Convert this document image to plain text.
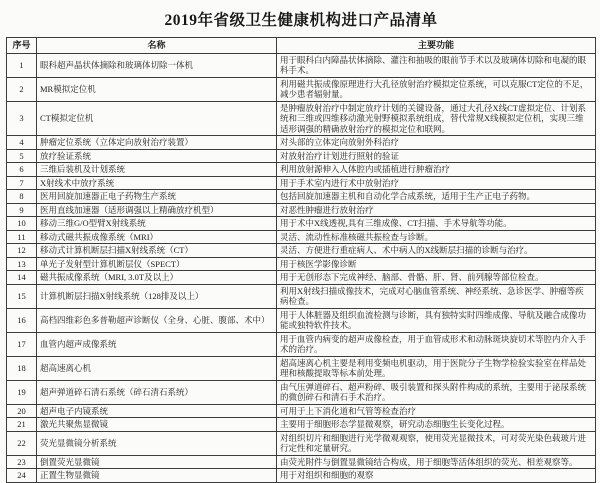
2019年省级卫生健康机构进口产品清单
序号	名称	主要功能
1	眼科超声晶状体摘除和玻璃体切除一体机	用于眼科白内障晶状体摘除、灌注和抽吸的眼前节手术以及玻璃体切除和电凝的眼科手术。
2	MR模拟定位机	利用磁共振成像原理进行大孔径放射治疗模拟定位系统，可以克服CT定位的不足，减少患者辐射量。
3	CT模拟定位机	是肿瘤放射治疗中制定放疗计划的关键设备，通过大孔径X线CT虚拟定位、计划系统和三维或四维移动激光射野模拟系统组成，替代常规X线模拟定位机，实现三维适形调强的精确放射治疗的模拟定位和联网。
4	肿瘤定位系统（立体定向放射治疗装置）	对头部的立体定向放射外科治疗
5	放疗验证系统	对放射治疗计划进行照射的验证
6	三维后装机及计划系统	利用放射源伸入人体腔内或插植进行肿瘤治疗
7	X射线术中放疗系统	用于手术室内进行术中放射治疗
8	医用回旋加速器正电子药物生产系统	包括回旋加速器主机和自动化学合成系统，适用于生产正电子药物。
9	医用直线加速器（适形调强以上精确放疗机型）	对恶性肿瘤进行放射治疗
10	移动三维G/O型臂X射线系统	用于术中X线透视,具有三维成像、CT扫描、手术导航等功能。
11	移动式磁共振成像系统（MRI）	灵活、流动性标准核磁共振检查与诊断。
12	移动式计算机断层扫描X射线系统（CT）	灵活、方便进行重症病人、术中病人的X线断层扫描的诊断与治疗。
13	单光子发射型计算机断层仪（SPECT）	用于核医学影像诊断
14	磁共振成像系统（MRI, 3.0T及以上）	用于无创形态下完成神经、脑部、骨骼、肝、肾、前列腺等部位检查。
15	计算机断层扫描X射线系统（128排及以上）	利用X射线扫描成像技术，完成对心脑血管系统、神经系统、急诊医学、肿瘤等疾病检查。
16	高档四维彩色多普勒超声诊断仪（全身、心脏、腹部、术中）	用于人体脏器及组织血流检测与诊断，具有独特实时四维成像、导航及融合成像功能或独特软件技术。
17	血管内超声成像系统	用于血管内病变的超声成像检查，用于血管成形术和动脉斑块旋切术等腔内介入手术的治疗。
18	超高速离心机	超高速离心机主要是利用变频电机驱动，用于医院分子生物学检验实验室在样品处理和核酸提取等标本前处理。
19	超声弹道碎石清石系统（碎石清石系统）	由气压弹道碎石、超声粉碎、吸引装置和探头附件构成的系统，主要用于泌尿系统的微创碎石和清石手术治疗。
20	超声电子内镜系统	可用于上下消化道和气管等检查治疗
21	激光共聚焦显微镜	主要用于细胞形态学显微观察，研究动态细胞生长变化过程。
22	荧光显微镜分析系统	对组织切片和细胞进行光学微观观察，使用荧光显微技术，可对荧光染色载玻片进行定性和定量研究。
23	倒置荧光显微镜	由荧光附件与倒置显微镜结合构成，用于细胞等活体组织的荧光、相差观察等。
24	正置生物显微镜	用于对组织和细胞的观察
